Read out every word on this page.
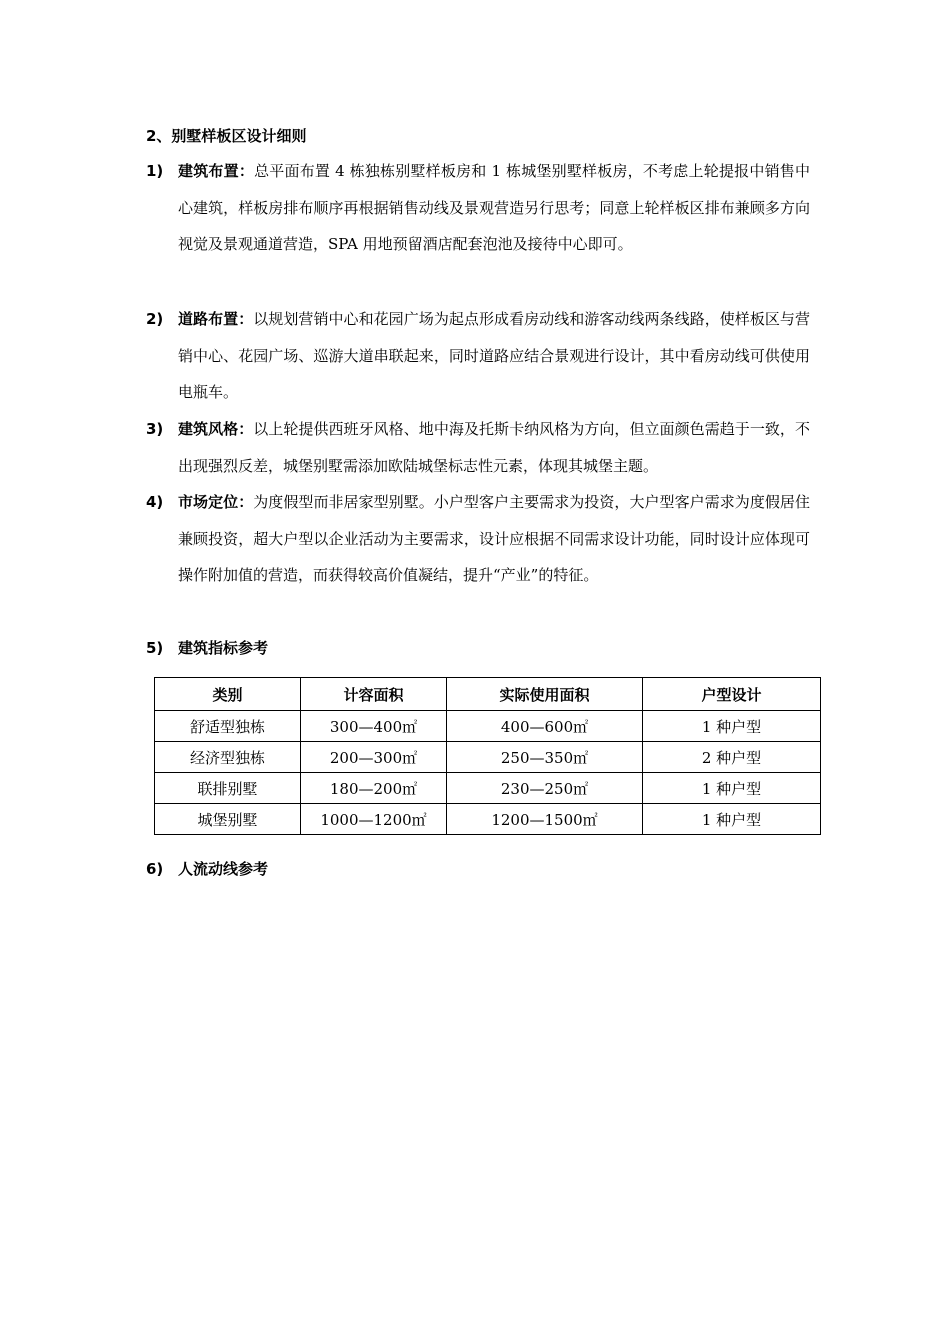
2、别墅样板区设计细则
1) 建筑布置：总平面布置 4 栋独栋别墅样板房和 1 栋城堡别墅样板房，不考虑上轮提报中销售中心建筑，样板房排布顺序再根据销售动线及景观营造另行思考；同意上轮样板区排布兼顾多方向视觉及景观通道营造，SPA 用地预留酒店配套泡池及接待中心即可。
2) 道路布置：以规划营销中心和花园广场为起点形成看房动线和游客动线两条线路，使样板区与营销中心、花园广场、巡游大道串联起来，同时道路应结合景观进行设计，其中看房动线可供使用电瓶车。
3) 建筑风格：以上轮提供西班牙风格、地中海及托斯卡纳风格为方向，但立面颜色需趋于一致，不出现强烈反差，城堡别墅需添加欧陆城堡标志性元素，体现其城堡主题。
4) 市场定位：为度假型而非居家型别墅。小户型客户主要需求为投资，大户型客户需求为度假居住兼顾投资，超大户型以企业活动为主要需求，设计应根据不同需求设计功能，同时设计应体现可操作附加值的营造，而获得较高价值凝结，提升“产业”的特征。
5) 建筑指标参考
类别	计容面积	实际使用面积	户型设计
舒适型独栋	300—400㎡	400—600㎡	1 种户型
经济型独栋	200—300㎡	250—350㎡	2 种户型
联排别墅	180—200㎡	230—250㎡	1 种户型
城堡别墅	1000—1200㎡	1200—1500㎡	1 种户型
6) 人流动线参考
